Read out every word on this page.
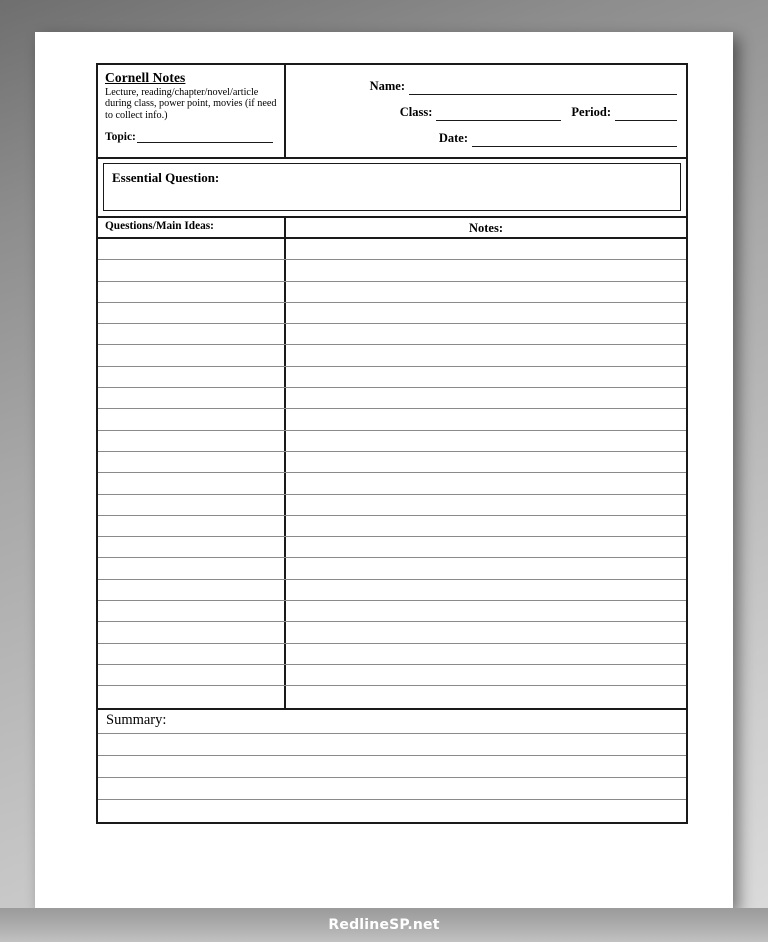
Cornell Notes
Lecture, reading/chapter/novel/article during class, power point, movies (if need to collect info.)
Topic:
Name:
Class:	Period:
Date:
Essential Question:
Questions/Main Ideas:	Notes:
Summary:
RedlineSP.net
